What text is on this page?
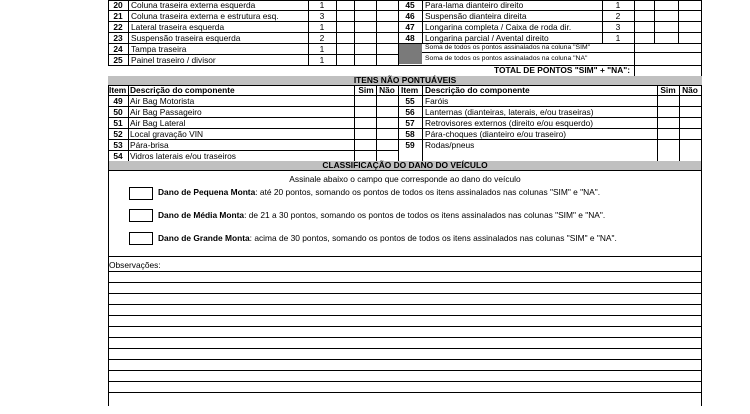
20 Coluna traseira externa esquerda	1
21 Coluna traseira externa e estrutura esq.	3
22 Lateral traseira esquerda	1
23 Suspensão traseira esquerda	2
24 Tampa traseira	1
25 Painel traseiro / divisor	1
45	Para-lama dianteiro direito	1
46	Suspensão dianteira direita	2
47	Longarina completa / Caixa de roda dir.	3
48	Longarina parcial / Avental direito	1
Soma de todos os pontos assinalados na coluna "SIM"
Soma de todos os pontos assinalados na coluna "NA"
TOTAL DE PONTOS "SIM" + "NA":
ITENS NÃO PONTUÁVEIS
Item Descrição do componente	Sim Não Item Descrição do componente	Sim Não
49 Air Bag Motorista
50 Air Bag Passageiro
51 Air Bag Lateral
52 Local gravação VIN
53 Pára-brisa
54 Vidros laterais e/ou traseiros
55	Faróis
56	Lanternas (dianteiras, laterais, e/ou traseiras)
57	Retrovisores externos (direito e/ou esquerdo)
58	Pára-choques (dianteiro e/ou traseiro)
59	Rodas/pneus
CLASSIFICAÇÃO DO DANO DO VEÍCULO
Assinale abaixo o campo que corresponde ao dano do veículo
Dano de Pequena Monta: até 20 pontos, somando os pontos de todos os itens assinalados nas colunas "SIM" e "NA".
Dano de Média Monta: de 21 a 30 pontos, somando os pontos de todos os itens assinalados nas colunas "SIM" e "NA".
Dano de Grande Monta: acima de 30 pontos, somando os pontos de todos os itens assinalados nas colunas "SIM" e "NA".
Observações:
